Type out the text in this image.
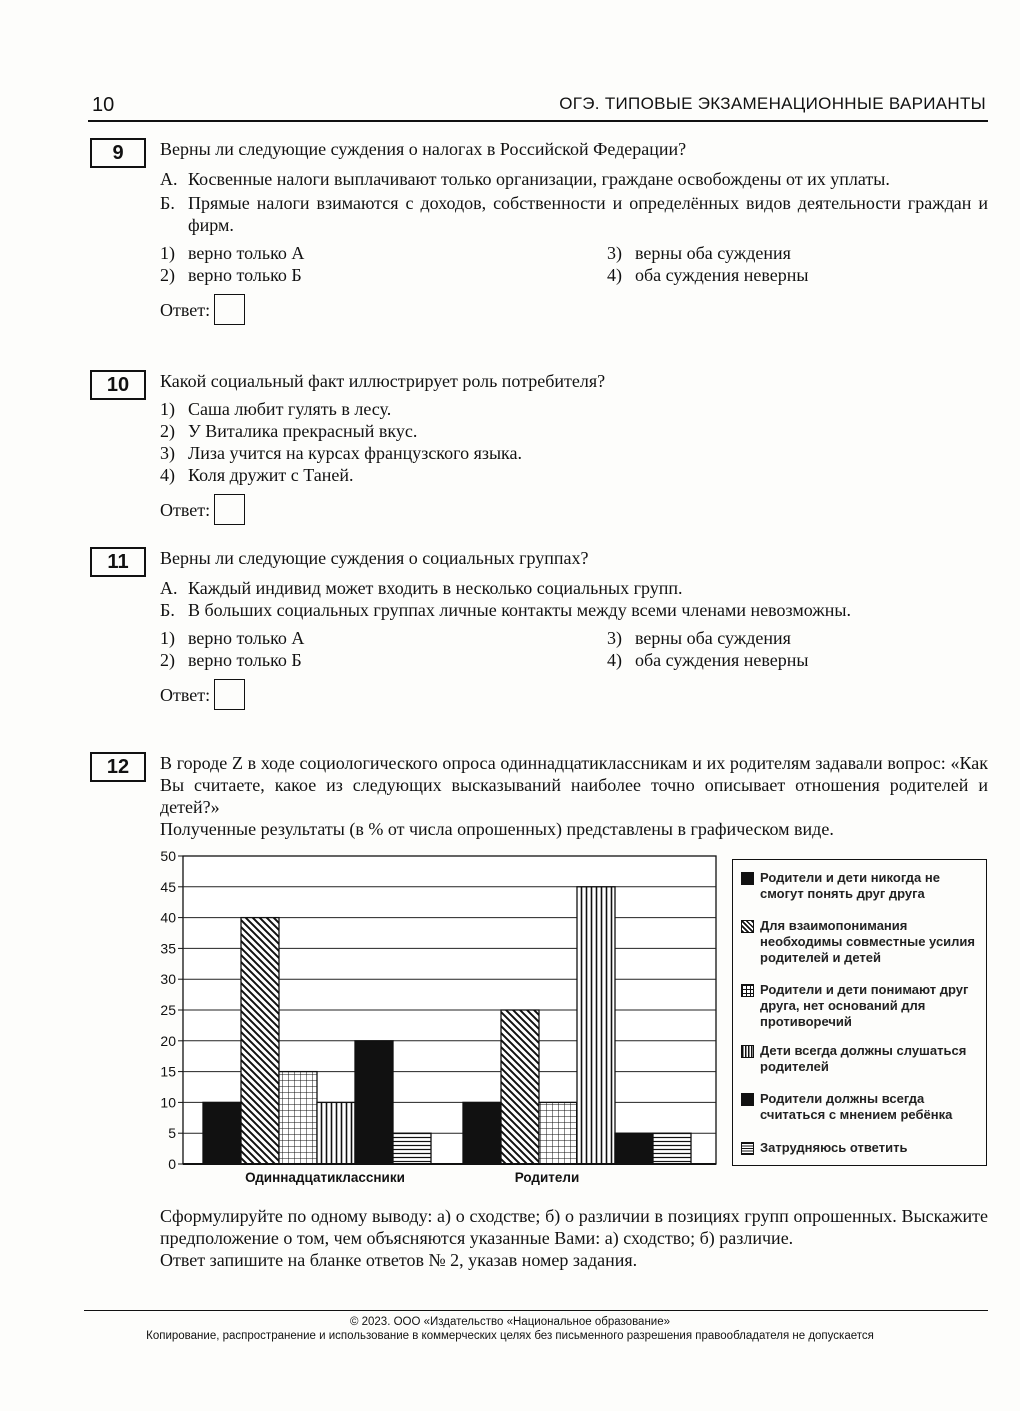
10	ОГЭ. ТИПОВЫЕ ЭКЗАМЕНАЦИОННЫЕ ВАРИАНТЫ
9	Верны ли следующие суждения о налогах в Российской Федерации?

А. Косвенные налоги выплачивают только организации, граждане освобождены от их уплаты.
Б. Прямые налоги взимаются с доходов, собственности и определённых видов деятельности граждан и фирм.
1) верно только А	3) верны оба суждения
2) верно только Б	4) оба суждения неверны
Ответ:
10	Какой социальный факт иллюстрирует роль потребителя?

1) Саша любит гулять в лесу.
2) У Виталика прекрасный вкус.
3) Лиза учится на курсах французского языка.
4) Коля дружит с Таней.
Ответ:
11	Верны ли следующие суждения о социальных группах?

А. Каждый индивид может входить в несколько социальных групп.
Б. В больших социальных группах личные контакты между всеми членами невозможны.
1) верно только А	3) верны оба суждения
2) верно только Б	4) оба суждения неверны
Ответ:
12	В городе Z в ходе социологического опроса одиннадцатиклассникам и их родителям задавали вопрос: «Как Вы считаете, какое из следующих высказываний наиболее точно описывает отношения родителей и детей?»

Полученные результаты (в % от числа опрошенных) представлены в графическом виде.

0
5
10
15
20
25
30
35
40
45
50
Одиннадцатиклассники	Родители
Родители и дети никогда не смогут понять друг друга
Для взаимопонимания необходимы совместные усилия родителей и детей
Родители и дети понимают друг друга, нет оснований для противоречий
Дети всегда должны слушаться родителей
Родители должны всегда считаться с мнением ребёнка
Затрудняюсь ответить

Сформулируйте по одному выводу: а) о сходстве; б) о различии в позициях групп опрошенных. Выскажите предположение о том, чем объясняются указанные Вами: а) сходство; б) различие.

Ответ запишите на бланке ответов № 2, указав номер задания.

© 2023. ООО «Издательство «Национальное образование»
Копирование, распространение и использование в коммерческих целях без письменного разрешения правообладателя не допускается
